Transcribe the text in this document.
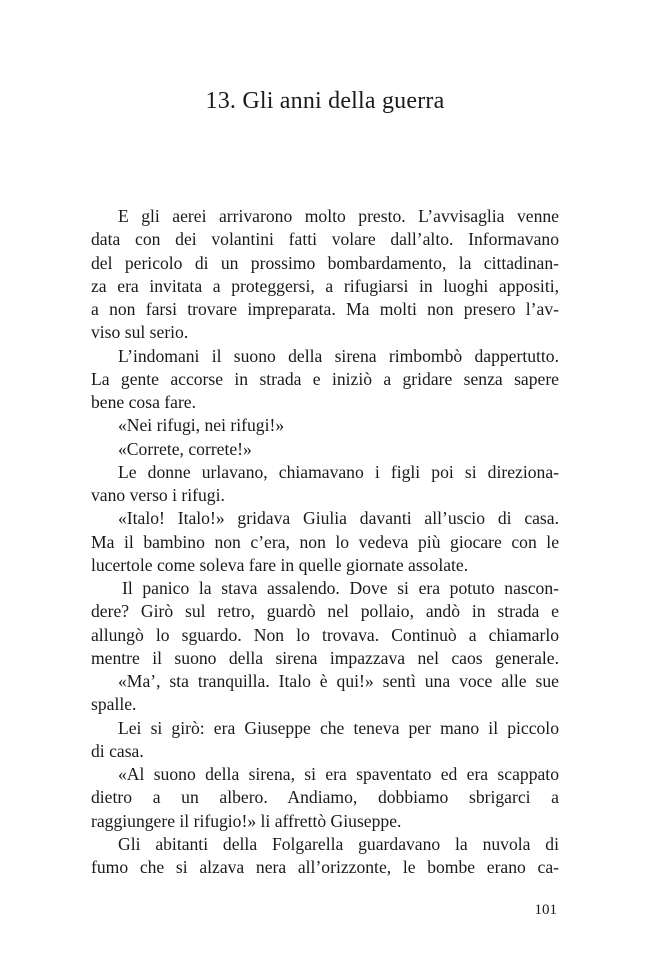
13. Gli anni della guerra

E gli aerei arrivarono molto presto. L’avvisaglia venne

data con dei volantini fatti volare dall’alto. Informavano

del pericolo di un prossimo bombardamento, la cittadinan-

za era invitata a proteggersi, a rifugiarsi in luoghi appositi,

a non farsi trovare impreparata. Ma molti non presero l’av-

viso sul serio.

L’indomani il suono della sirena rimbombò dappertutto.

La gente accorse in strada e iniziò a gridare senza sapere

bene cosa fare.

«Nei rifugi, nei rifugi!»

«Correte, correte!»

Le donne urlavano, chiamavano i figli poi si direziona-

vano verso i rifugi.

«Italo! Italo!» gridava Giulia davanti all’uscio di casa.

Ma il bambino non c’era, non lo vedeva più giocare con le

lucertole come soleva fare in quelle giornate assolate.

Il panico la stava assalendo. Dove si era potuto nascon-

dere? Girò sul retro, guardò nel pollaio, andò in strada e

allungò lo sguardo. Non lo trovava. Continuò a chiamarlo

mentre il suono della sirena impazzava nel caos generale.

«Ma’, sta tranquilla. Italo è qui!» sentì una voce alle sue

spalle.

Lei si girò: era Giuseppe che teneva per mano il piccolo

di casa.

«Al suono della sirena, si era spaventato ed era scappato

dietro a un albero. Andiamo, dobbiamo sbrigarci a

raggiungere il rifugio!» li affrettò Giuseppe.

Gli abitanti della Folgarella guardavano la nuvola di

fumo che si alzava nera all’orizzonte, le bombe erano ca-

101
